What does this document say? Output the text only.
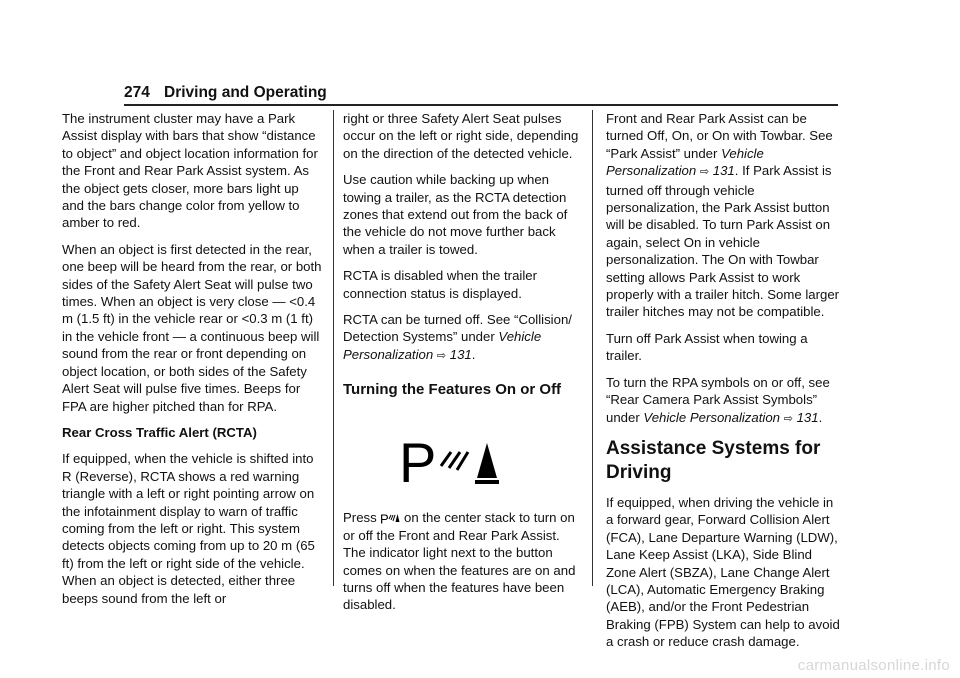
274 Driving and Operating

The instrument cluster may have a Park Assist display with bars that show “distance to object” and object location information for the Front and Rear Park Assist system. As the object gets closer, more bars light up and the bars change color from yellow to amber to red.

When an object is first detected in the rear, one beep will be heard from the rear, or both sides of the Safety Alert Seat will pulse two times. When an object is very close — <0.4 m (1.5 ft) in the vehicle rear or <0.3 m (1 ft) in the vehicle front — a continuous beep will sound from the rear or front depending on object location, or both sides of the Safety Alert Seat will pulse five times. Beeps for FPA are higher pitched than for RPA.

Rear Cross Traffic Alert (RCTA)

If equipped, when the vehicle is shifted into R (Reverse), RCTA shows a red warning triangle with a left or right pointing arrow on the infotainment display to warn of traffic coming from the left or right. This system detects objects coming from up to 20 m (65 ft) from the left or right side of the vehicle. When an object is detected, either three beeps sound from the left or

right or three Safety Alert Seat pulses occur on the left or right side, depending on the direction of the detected vehicle.

Use caution while backing up when towing a trailer, as the RCTA detection zones that extend out from the back of the vehicle do not move further back when a trailer is towed.

RCTA is disabled when the trailer connection status is displayed.

RCTA can be turned off. See “Collision/ Detection Systems” under Vehicle Personalization ⇨ 131.

Turning the Features On or Off
P

Press P on the center stack to turn on or off the Front and Rear Park Assist. The indicator light next to the button comes on when the features are on and turns off when the features have been disabled.

Front and Rear Park Assist can be turned Off, On, or On with Towbar. See “Park Assist” under Vehicle Personalization ⇨ 131. If Park Assist is turned off through vehicle personalization, the Park Assist button will be disabled. To turn Park Assist on again, select On in vehicle personalization. The On with Towbar setting allows Park Assist to work properly with a trailer hitch. Some larger trailer hitches may not be compatible.

Turn off Park Assist when towing a trailer.

To turn the RPA symbols on or off, see “Rear Camera Park Assist Symbols” under Vehicle Personalization ⇨ 131.

Assistance Systems for Driving

If equipped, when driving the vehicle in a forward gear, Forward Collision Alert (FCA), Lane Departure Warning (LDW), Lane Keep Assist (LKA), Side Blind Zone Alert (SBZA), Lane Change Alert (LCA), Automatic Emergency Braking (AEB), and/or the Front Pedestrian Braking (FPB) System can help to avoid a crash or reduce crash damage.

carmanualsonline.info
